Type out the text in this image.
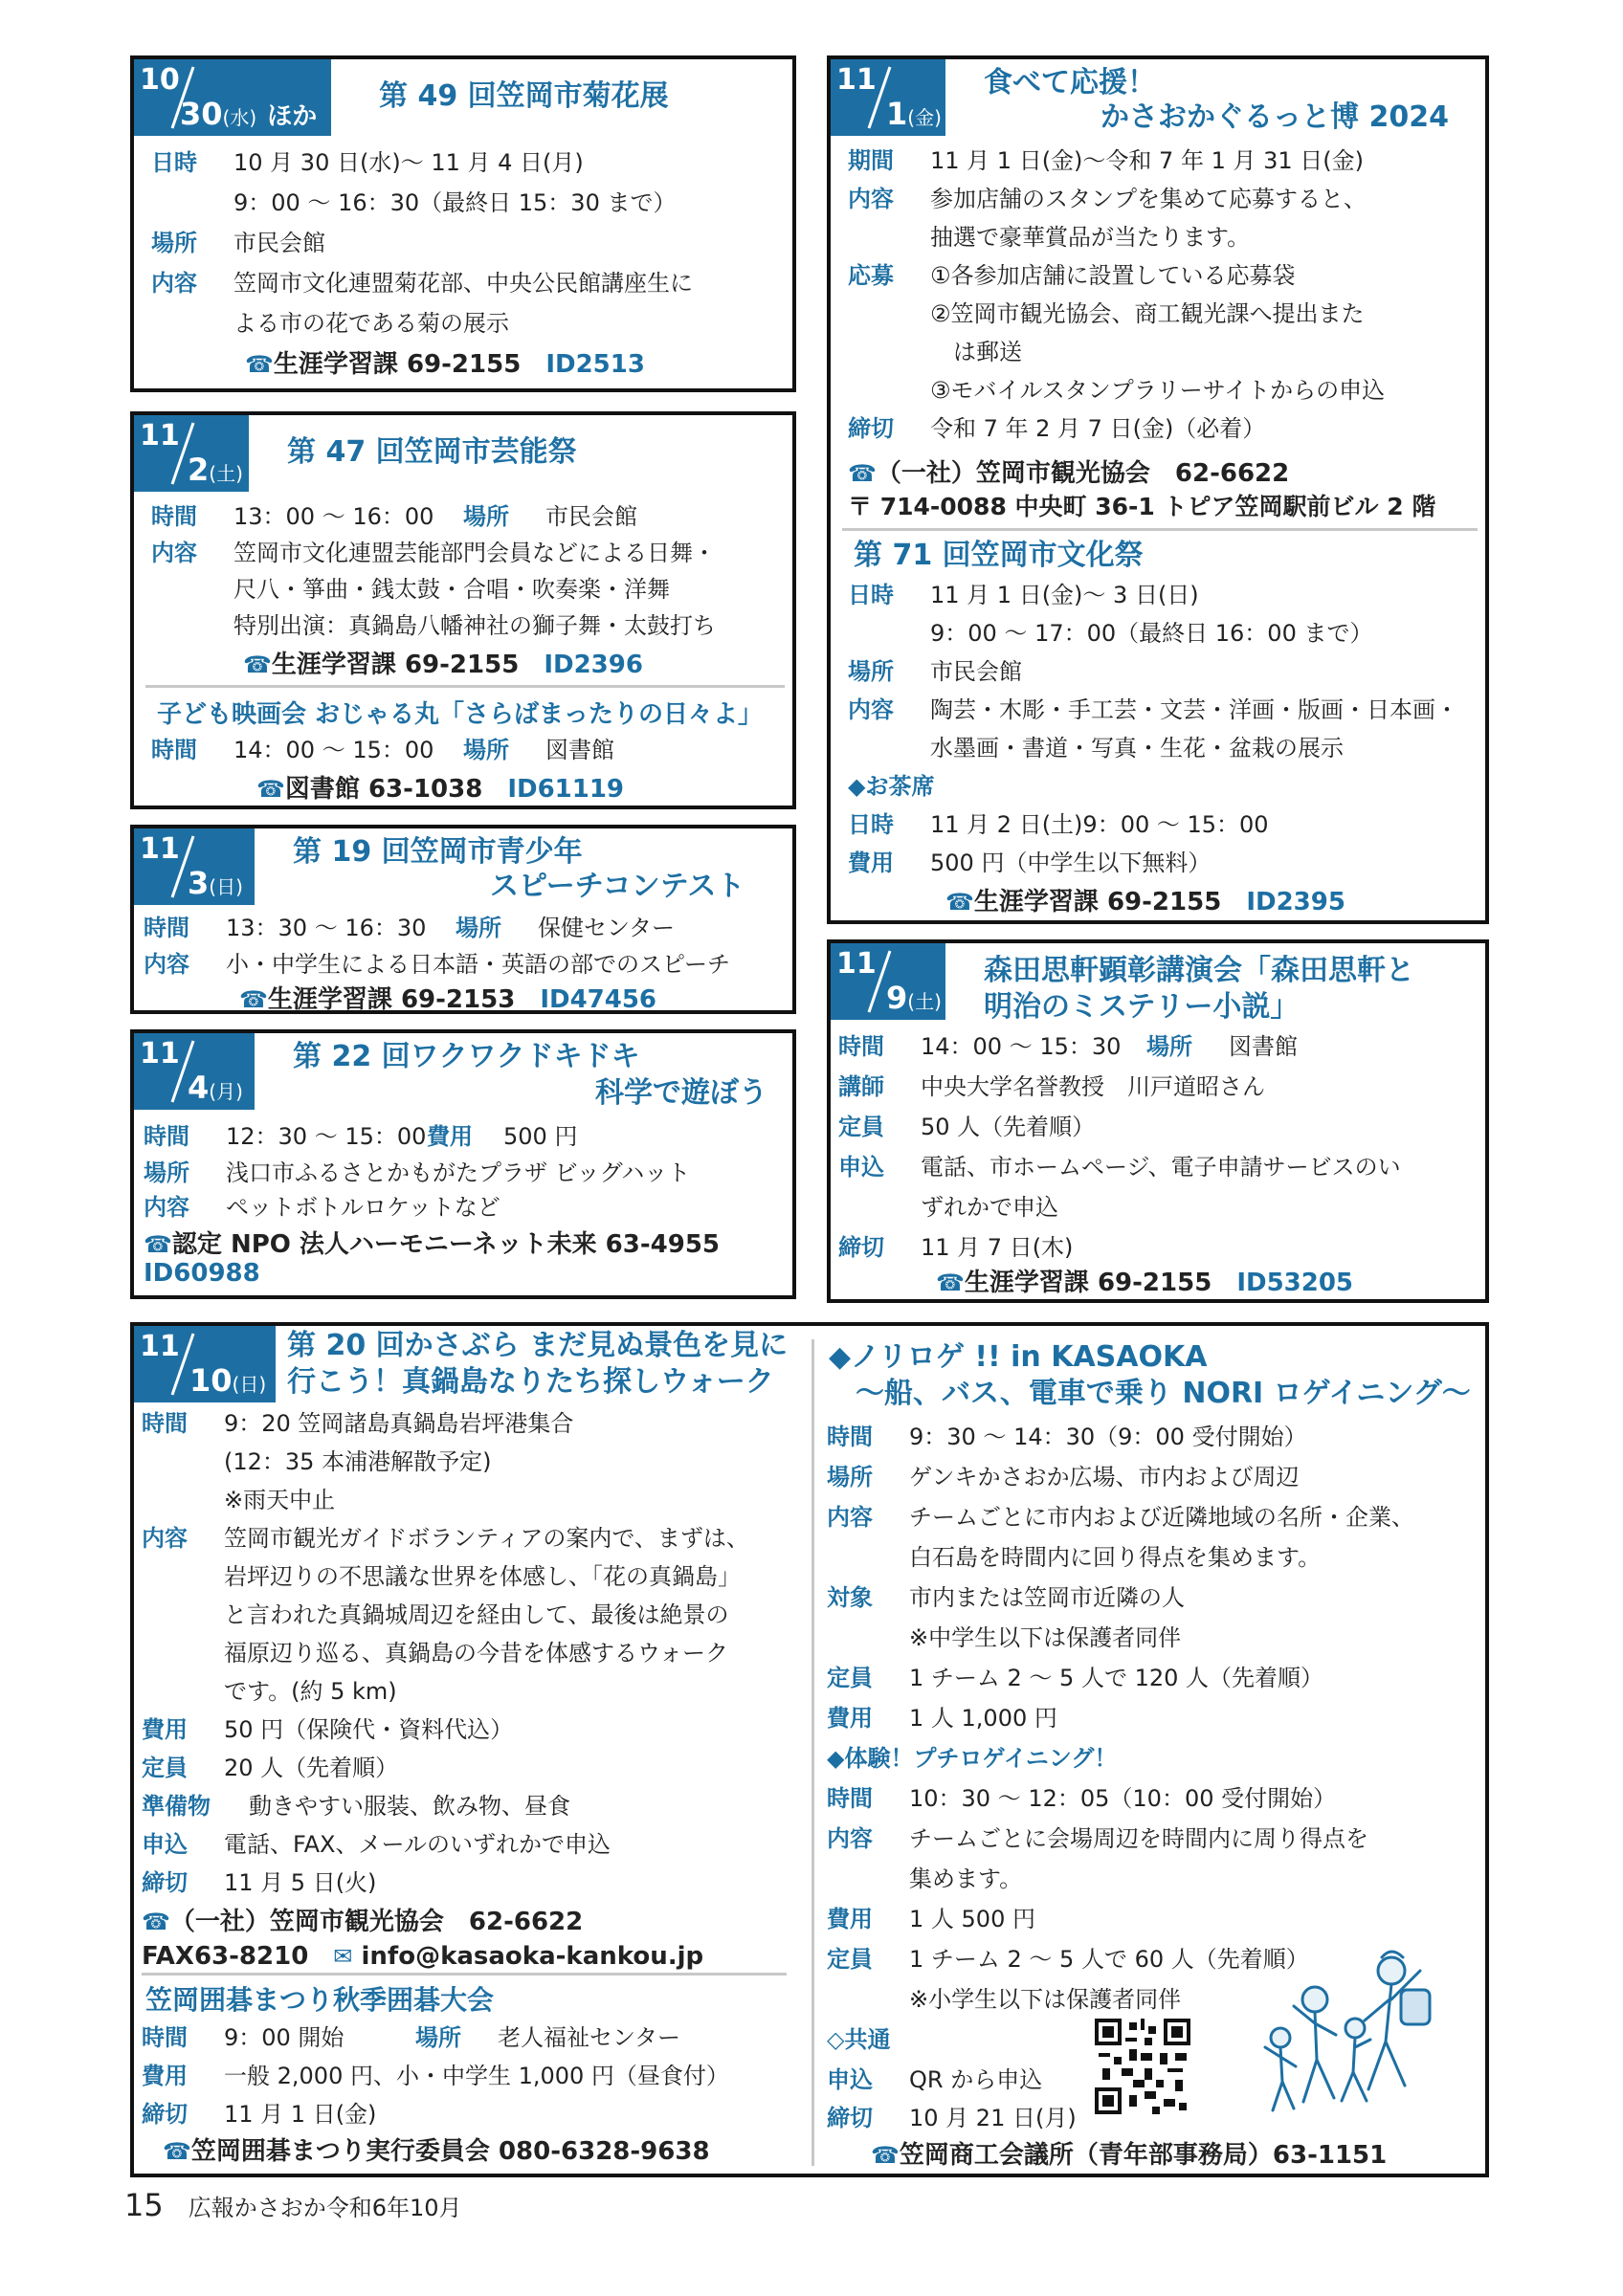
10
30(水) ほか
第 49 回笠岡市菊花展
日時 10 月 30 日(水)～ 11 月 4 日(月)
9：00 ～ 16：30（最終日 15：30 まで）
場所 市民会館
内容 笠岡市文化連盟菊花部、中央公民館講座生に
よる市の花である菊の展示
☎生涯学習課 69-2155　 ID2513
11
2(土)
第 47 回笠岡市芸能祭
時間 13：00 ～ 16：00 場所 市民会館
内容 笠岡市文化連盟芸能部門会員などによる日舞・
尺八・箏曲・銭太鼓・合唱・吹奏楽・洋舞
特別出演：真鍋島八幡神社の獅子舞・太鼓打ち
☎生涯学習課 69-2155　 ID2396
子ども映画会 おじゃる丸「さらばまったりの日々よ」
時間 14：00 ～ 15：00 場所 図書館
☎図書館 63-1038　 ID61119
11
3(日)
第 19 回笠岡市青少年
スピーチコンテスト
時間 13：30 ～ 16：30 場所 保健センター
内容 小・中学生による日本語・英語の部でのスピーチ
☎生涯学習課 69-2153　 ID47456
11
4(月)
第 22 回ワクワクドキドキ
科学で遊ぼう
時間 12：30 ～ 15：00費用 500 円
場所 浅口市ふるさとかもがたプラザ ビッグハット
内容 ペットボトルロケットなど
☎認定 NPO 法人ハーモニーネット未来 63-4955
ID60988
11
1(金)
食べて応援！
かさおかぐるっと博 2024
期間 11 月 1 日(金)～令和 7 年 1 月 31 日(金)
内容 参加店舗のスタンプを集めて応募すると、
抽選で豪華賞品が当たります。
応募 ①各参加店舗に設置している応募袋
②笠岡市観光協会、商工観光課へ提出また
　は郵送
③モバイルスタンプラリーサイトからの申込
締切 令和 7 年 2 月 7 日(金)（必着）
☎（一社）笠岡市観光協会　62-6622
〒 714-0088 中央町 36-1 トピア笠岡駅前ビル 2 階
第 71 回笠岡市文化祭
日時 11 月 1 日(金)～ 3 日(日)
9：00 ～ 17：00（最終日 16：00 まで）
場所 市民会館
内容 陶芸・木彫・手工芸・文芸・洋画・版画・日本画・
水墨画・書道・写真・生花・盆栽の展示
◆お茶席
日時 11 月 2 日(土)9：00 ～ 15：00
費用 500 円（中学生以下無料）
☎生涯学習課 69-2155　 ID2395
11
9(土)
森田思軒顕彰講演会「森田思軒と
明治のミステリー小説」
時間 14：00 ～ 15：30 場所 図書館
講師 中央大学名誉教授　川戸道昭さん
定員 50 人（先着順）
申込 電話、市ホームページ、電子申請サービスのい
ずれかで申込
締切 11 月 7 日(木)
☎生涯学習課 69-2155　 ID53205
11
10(日)
第 20 回かさぶら まだ見ぬ景色を見に
行こう！真鍋島なりたち探しウォーク
時間 9：20 笠岡諸島真鍋島岩坪港集合
(12：35 本浦港解散予定)
※雨天中止
内容 笠岡市観光ガイドボランティアの案内で、まずは、
岩坪辺りの不思議な世界を体感し、「花の真鍋島」
と言われた真鍋城周辺を経由して、最後は絶景の
福原辺り巡る、真鍋島の今昔を体感するウォーク
です。(約 5 km)
費用 50 円（保険代・資料代込）
定員 20 人（先着順）
準備物 動きやすい服装、飲み物、昼食
申込 電話、FAX、メールのいずれかで申込
締切 11 月 5 日(火)
☎（一社）笠岡市観光協会　62-6622
FAX63-8210　 ✉ info@kasaoka-kankou.jp
笠岡囲碁まつり秋季囲碁大会
時間 9：00 開始	場所 老人福祉センター
費用 一般 2,000 円、小・中学生 1,000 円（昼食付）
締切 11 月 1 日(金)
☎笠岡囲碁まつり実行委員会 080-6328-9638
◆ノリロゲ !! in KASAOKA
～船、バス、電車で乗り NORI ロゲイニング～
時間 9：30 ～ 14：30（9：00 受付開始）
場所 ゲンキかさおか広場、市内および周辺
内容 チームごとに市内および近隣地域の名所・企業、
白石島を時間内に回り得点を集めます。
対象 市内または笠岡市近隣の人
※中学生以下は保護者同伴
定員 1 チーム 2 ～ 5 人で 120 人（先着順）
費用 1 人 1,000 円
◆体験！プチロゲイニング！
時間 10：30 ～ 12：05（10：00 受付開始）
内容 チームごとに会場周辺を時間内に周り得点を
集めます。
費用 1 人 500 円
定員 1 チーム 2 ～ 5 人で 60 人（先着順）
※小学生以下は保護者同伴
◇共通
申込 QR から申込
締切 10 月 21 日(月)
☎笠岡商工会議所（青年部事務局）63-1151
15 広報かさおか令和6年10月
